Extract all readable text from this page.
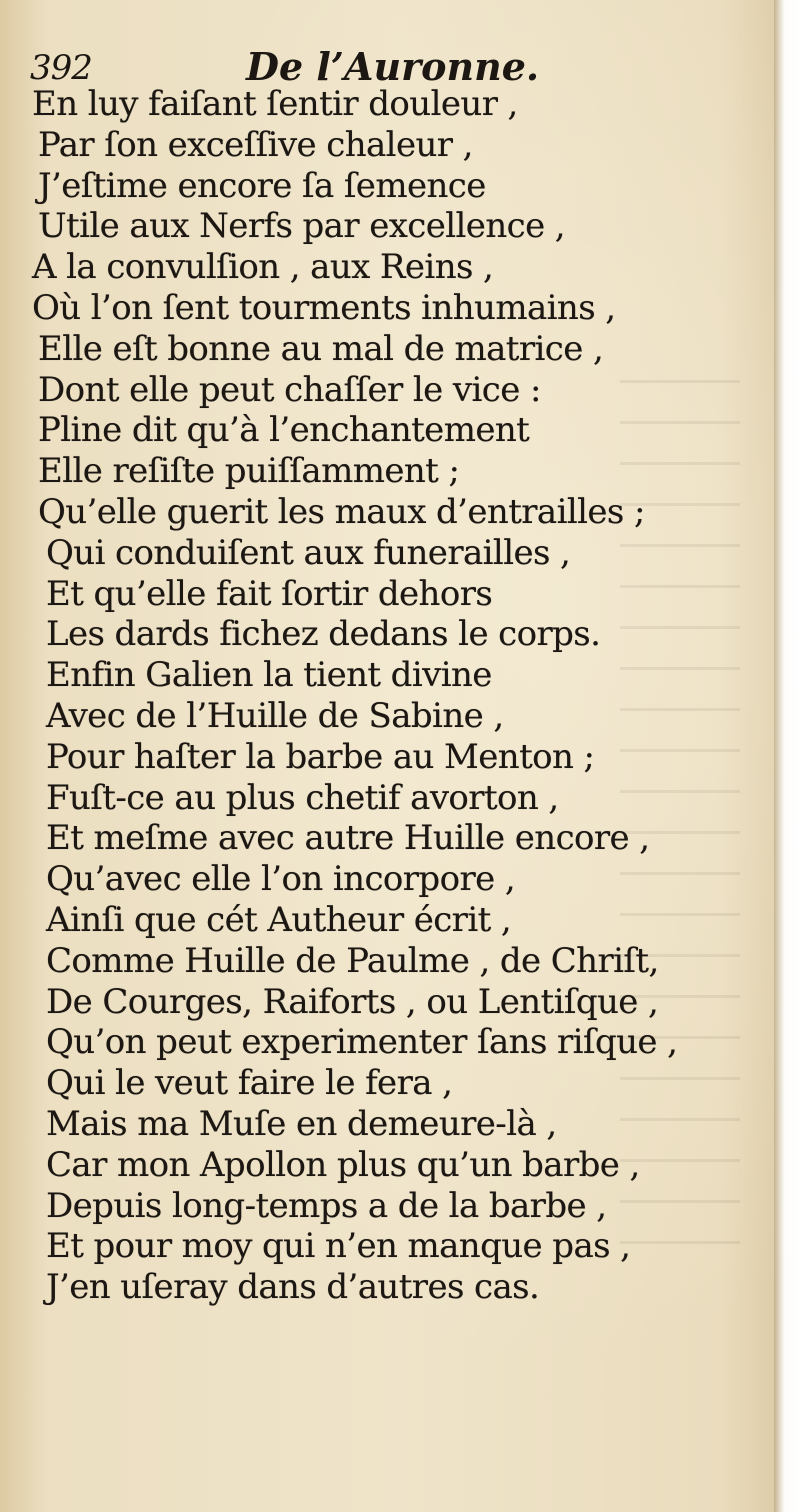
392	De l’Auronne.
En luy faiſant ſentir douleur ,
Par ſon exceſſive chaleur ,
J’eſtime encore ſa ſemence
Utile aux Nerfs par excellence ,
A la convulſion , aux Reins ,
Où l’on ſent tourments inhumains ,
Elle eſt bonne au mal de matrice ,
Dont elle peut chaſſer le vice :
Pline dit qu’à l’enchantement
Elle reſiſte puiſſamment ;
Qu’elle guerit les maux d’entrailles ;
Qui conduiſent aux funerailles ,
Et qu’elle fait ſortir dehors
Les dards fichez dedans le corps.
Enfin Galien la tient divine
Avec de l’Huille de Sabine ,
Pour haſter la barbe au Menton ;
Fuſt-ce au plus chetif avorton ,
Et meſme avec autre Huille encore ,
Qu’avec elle l’on incorpore ,
Ainſi que cét Autheur écrit ,
Comme Huille de Paulme , de Chriſt,
De Courges, Raiforts , ou Lentiſque ,
Qu’on peut experimenter ſans riſque ,
Qui le veut faire le fera ,
Mais ma Muſe en demeure-là ,
Car mon Apollon plus qu’un barbe ,
Depuis long-temps a de la barbe ,
Et pour moy qui n’en manque pas ,
J’en uſeray dans d’autres cas.
